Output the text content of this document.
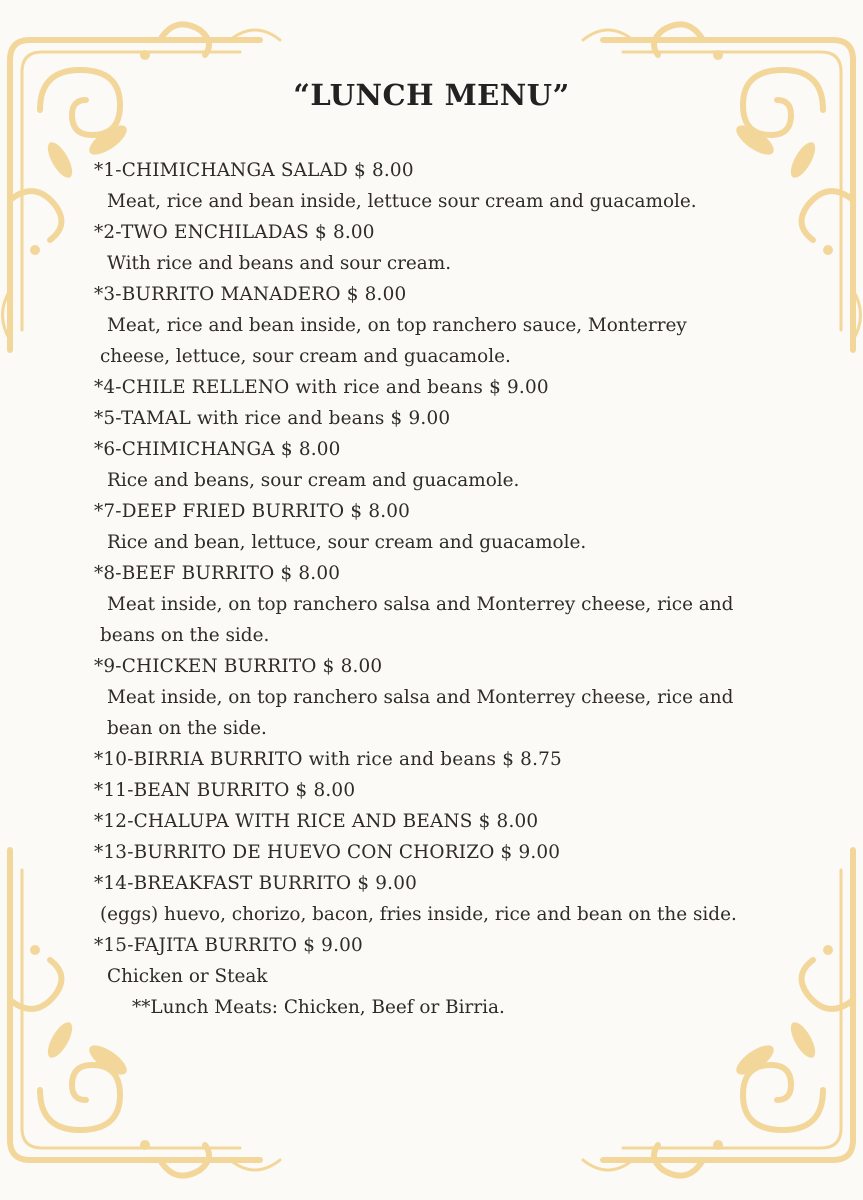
“LUNCH MENU”
*1-CHIMICHANGA SALAD $ 8.00
Meat, rice and bean inside, lettuce sour cream and guacamole.
*2-TWO ENCHILADAS $ 8.00
With rice and beans and sour cream.
*3-BURRITO MANADERO $ 8.00
Meat, rice and bean inside, on top ranchero sauce, Monterrey
cheese, lettuce, sour cream and guacamole.
*4-CHILE RELLENO with rice and beans $ 9.00
*5-TAMAL with rice and beans $ 9.00
*6-CHIMICHANGA $ 8.00
Rice and beans, sour cream and guacamole.
*7-DEEP FRIED BURRITO $ 8.00
Rice and bean, lettuce, sour cream and guacamole.
*8-BEEF BURRITO $ 8.00
Meat inside, on top ranchero salsa and Monterrey cheese, rice and
beans on the side.
*9-CHICKEN BURRITO $ 8.00
Meat inside, on top ranchero salsa and Monterrey cheese, rice and
bean on the side.
*10-BIRRIA BURRITO with rice and beans $ 8.75
*11-BEAN BURRITO $ 8.00
*12-CHALUPA WITH RICE AND BEANS $ 8.00
*13-BURRITO DE HUEVO CON CHORIZO $ 9.00
*14-BREAKFAST BURRITO $ 9.00
(eggs) huevo, chorizo, bacon, fries inside, rice and bean on the side.
*15-FAJITA BURRITO $ 9.00
Chicken or Steak
**Lunch Meats: Chicken, Beef or Birria.
